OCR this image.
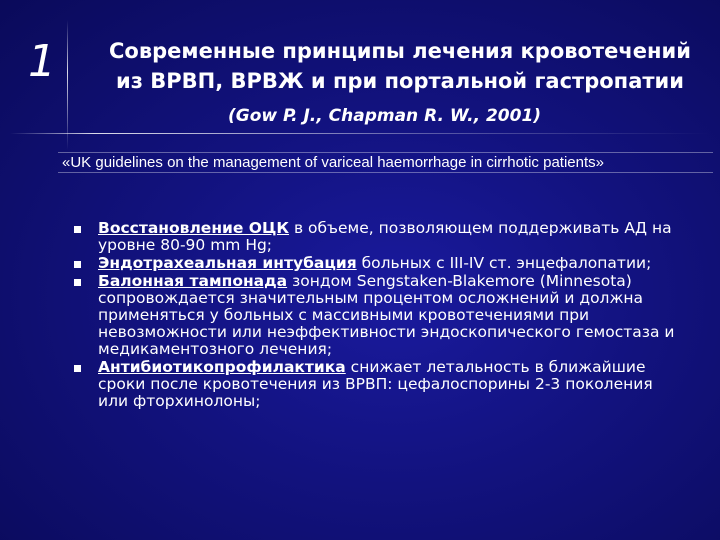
1	Современные принципы лечения кровотечений
из ВРВП, ВРВЖ и при портальной гастропатии
(Gow P. J., Chapman R. W., 2001)
«UK guidelines on the management of variceal haemorrhage in cirrhotic patients»
Восстановление ОЦК в объеме, позволяющем поддерживать АД на уровне 80-90 mm Hg;
Эндотрахеальная интубация больных с III-IV ст. энцефалопатии;
Балонная тампонада зондом Sengstaken-Blakemore (Minnesota) сопровождается значительным процентом осложнений и должна применяться у больных с массивными кровотечениями при невозможности или неэффективности эндоскопического гемостаза и медикаментозного лечения;
Антибиотикопрофилактика снижает летальность в ближайшие сроки после кровотечения из ВРВП: цефалоспорины 2-3 поколения или фторхинолоны;
